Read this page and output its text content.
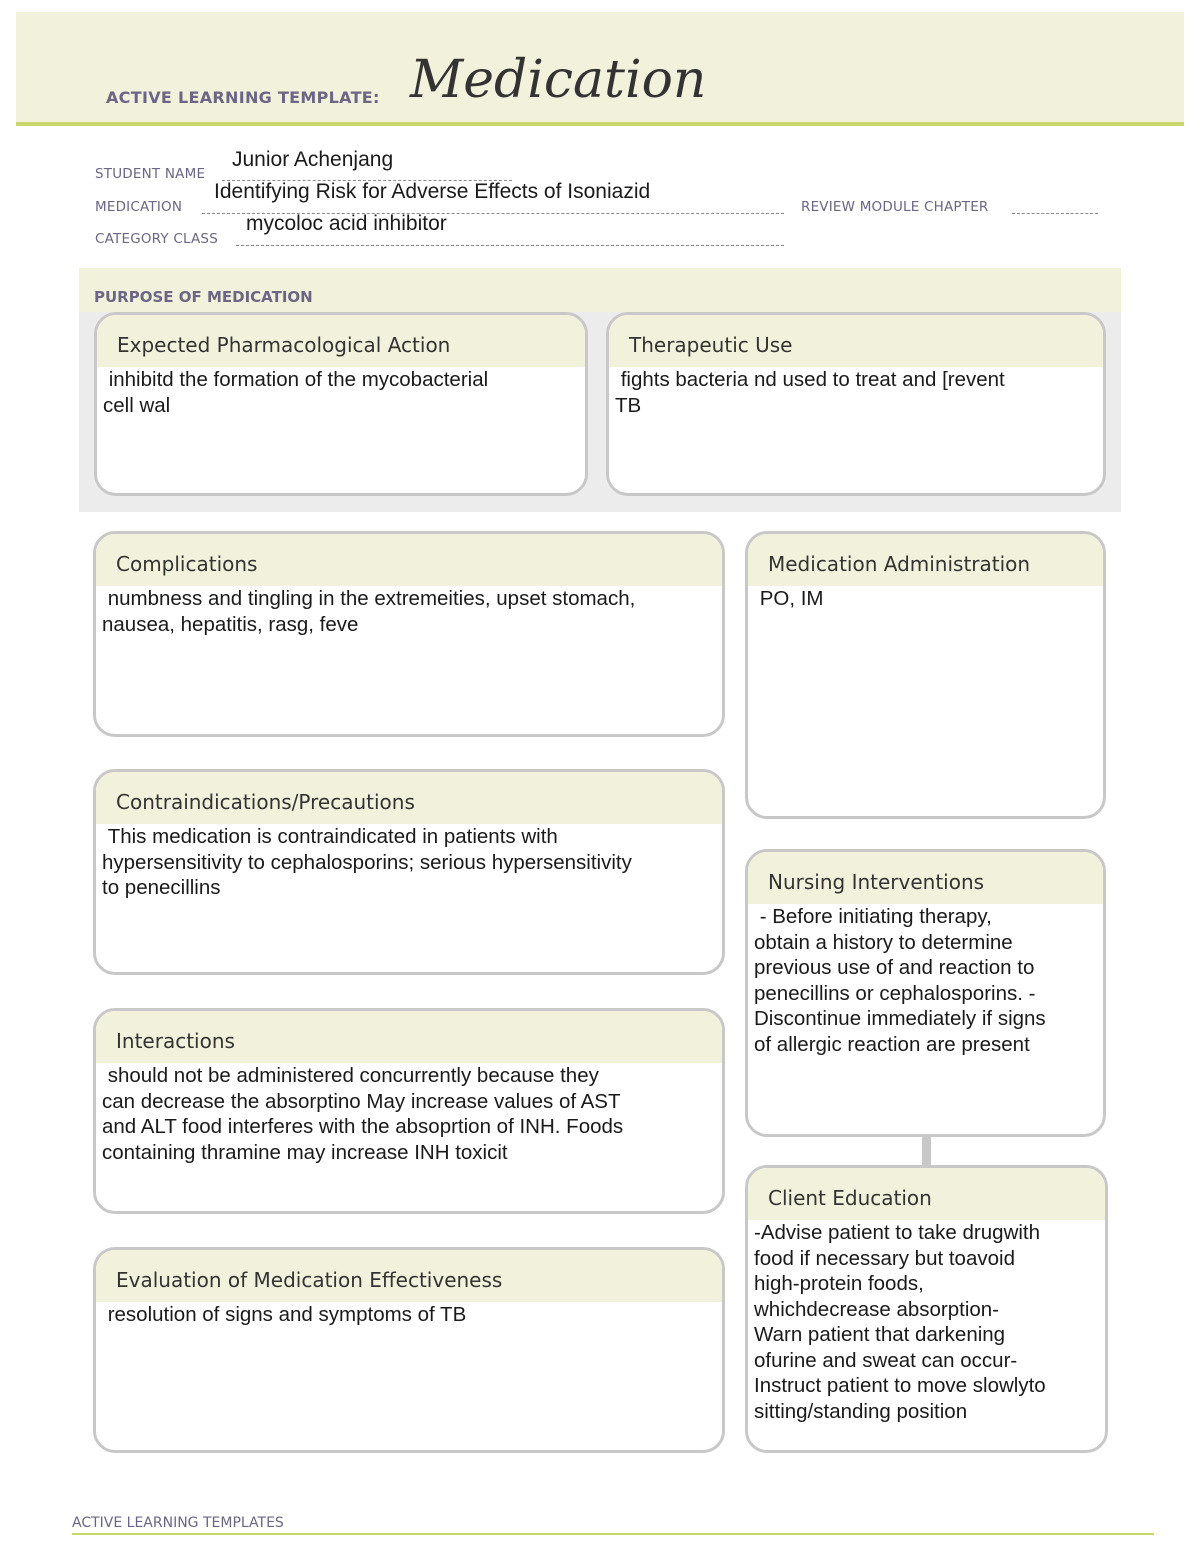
ACTIVE LEARNING TEMPLATE: Medication
STUDENT NAME
Junior Achenjang
MEDICATION
Identifying Risk for Adverse Effects of Isoniazid
REVIEW MODULE CHAPTER
CATEGORY CLASS
mycoloc acid inhibitor
PURPOSE OF MEDICATION
Expected Pharmacological Action
inhibitd the formation of the mycobacterial
cell wal
Therapeutic Use
fights bacteria nd used to treat and [revent
TB
Complications
numbness and tingling in the extremeities, upset stomach,
nausea, hepatitis, rasg, feve
Contraindications/Precautions
This medication is contraindicated in patients with
hypersensitivity to cephalosporins; serious hypersensitivity
to penecillins
Interactions
should not be administered concurrently because they
can decrease the absorptino May increase values of AST
and ALT food interferes with the absoprtion of INH. Foods
containing thramine may increase INH toxicit
Evaluation of Medication Effectiveness
resolution of signs and symptoms of TB
Medication Administration
PO, IM
Nursing Interventions
- Before initiating therapy,
obtain a history to determine
previous use of and reaction to
penecillins or cephalosporins. -
Discontinue immediately if signs
of allergic reaction are present
Client Education
-Advise patient to take drugwith
food if necessary but toavoid
high-protein foods,
whichdecrease absorption-
Warn patient that darkening
ofurine and sweat can occur-
Instruct patient to move slowlyto
sitting/standing position
ACTIVE LEARNING TEMPLATES
